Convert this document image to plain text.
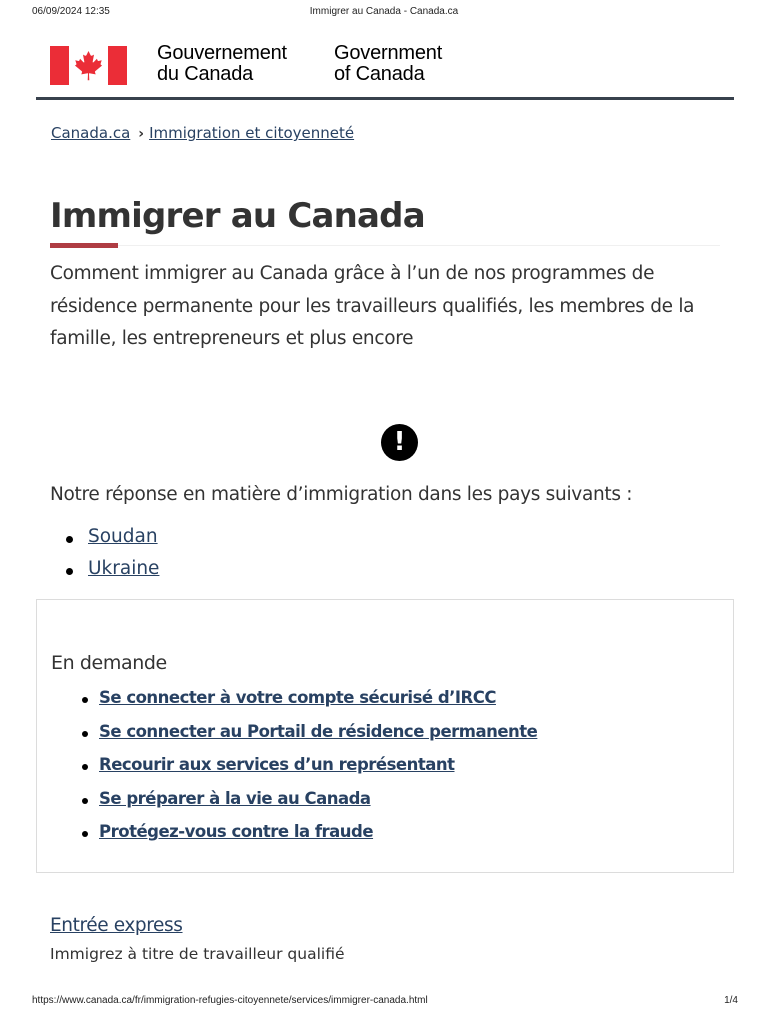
06/09/2024 12:35	Immigrer au Canada - Canada.ca
Gouvernement
du Canada
Government
of Canada
Canada.ca › Immigration et citoyenneté
Immigrer au Canada

Comment immigrer au Canada grâce à l’un de nos programmes de résidence permanente pour les travailleurs qualifiés, les membres de la famille, les entrepreneurs et plus encore

!

Notre réponse en matière d’immigration dans les pays suivants :

Soudan
Ukraine
En demande
Se connecter à votre compte sécurisé d’IRCC
Se connecter au Portail de résidence permanente
Recourir aux services d’un représentant
Se préparer à la vie au Canada
Protégez-vous contre la fraude
Entrée express

Immigrez à titre de travailleur qualifié

https://www.canada.ca/fr/immigration-refugies-citoyennete/services/immigrer-canada.html	1/4
